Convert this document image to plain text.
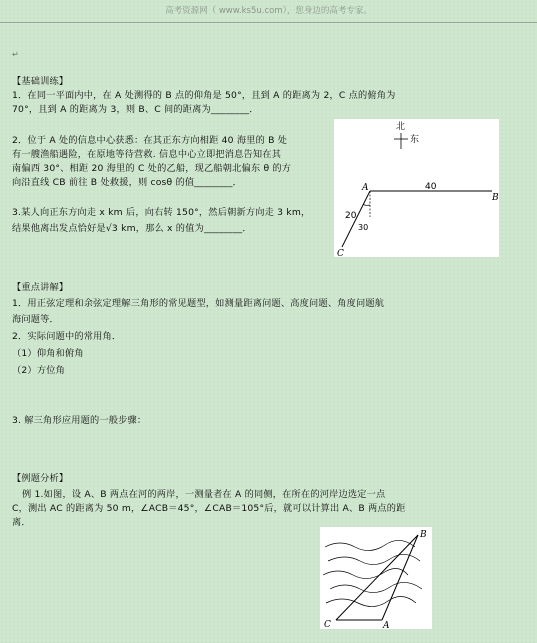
高考资源网（ www.ks5u.com），您身边的高考专家。
↵
【基础训练】
1．在同一平面内中，在 A 处测得的 B 点的仰角是 50°，且到 A 的距离为 2，C 点的俯角为
70°，且到 A 的距离为 3，则 B、C 间的距离为________．
2．位于 A 处的信息中心获悉：在其正东方向相距 40 海里的 B 处
有一艘渔船遇险，在原地等待营救. 信息中心立即把消息告知在其
南偏西 30°、相距 20 海里的 C 处的乙船，现乙船朝北偏东 θ 的方
向沿直线 CB 前往 B 处救援，则 cosθ 的值________．
3.某人向正东方向走 x km 后，向右转 150°，然后朝新方向走 3 km，
结果他离出发点恰好是√3 km，那么 x 的值为________．
北
东
A
B
C
40
20
30
【重点讲解】
1．用正弦定理和余弦定理解三角形的常见题型，如测量距离问题、高度问题、角度问题航
海问题等．
2．实际问题中的常用角．
（1）仰角和俯角
（2）方位角
3. 解三角形应用题的一般步骤：
【例题分析】
例 1.如图，设 A、B 两点在河的两岸，一测量者在 A 的同侧，在所在的河岸边选定一点
C，测出 AC 的距离为 50 m，∠ACB＝45°，∠CAB＝105°后，就可以计算出 A、B 两点的距
离．
C	A
B
